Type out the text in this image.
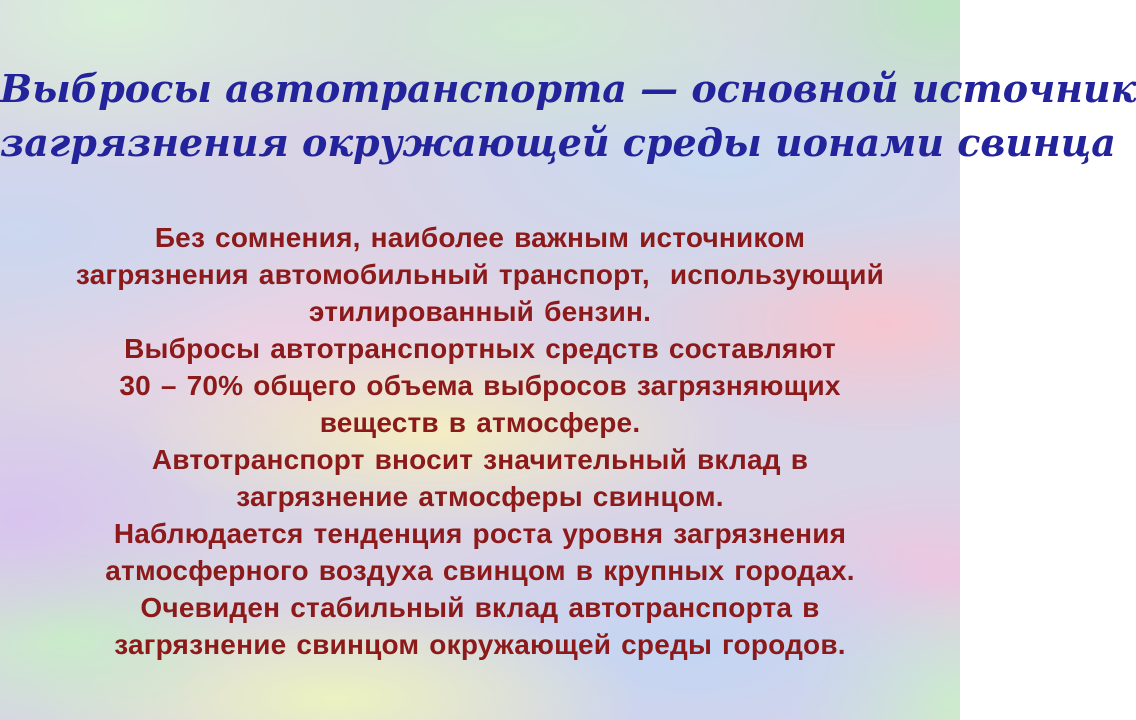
Выбросы автотранспорта — основной источник
загрязнения окружающей среды ионами свинца
Без сомнения, наиболее важным источником
загрязнения автомобильный транспорт,  использующий
этилированный бензин.
Выбросы автотранспортных средств составляют
30 – 70% общего объема выбросов загрязняющих
веществ в атмосфере.
Автотранспорт вносит значительный вклад в
загрязнение атмосферы свинцом.
Наблюдается тенденция роста уровня загрязнения
атмосферного воздуха свинцом в крупных городах.
Очевиден стабильный вклад автотранспорта в
загрязнение свинцом окружающей среды городов.
